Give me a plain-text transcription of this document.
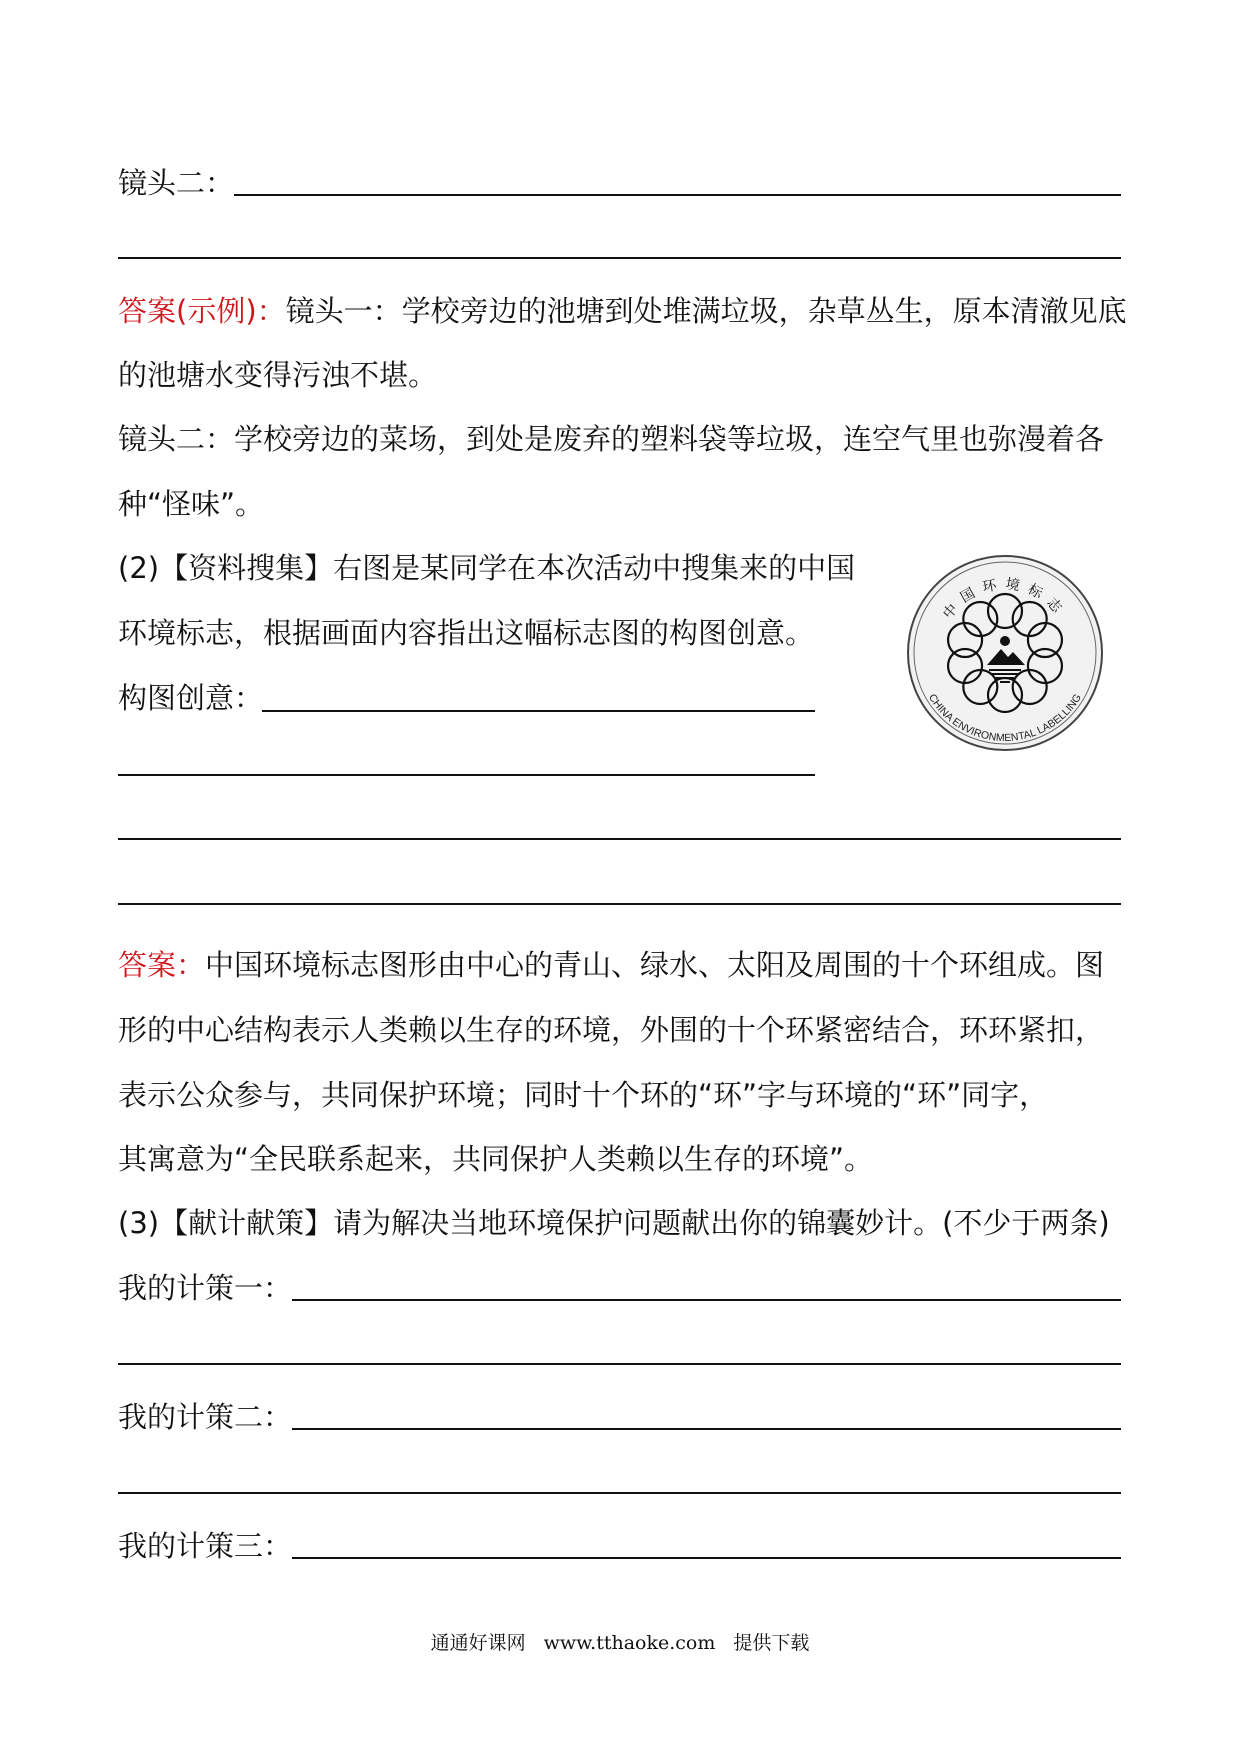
镜头二：
答案(示例)：镜头一：学校旁边的池塘到处堆满垃圾，杂草丛生，原本清澈见底
的池塘水变得污浊不堪。
镜头二：学校旁边的菜场，到处是废弃的塑料袋等垃圾，连空气里也弥漫着各
种“怪味”。
(2)【资料搜集】右图是某同学在本次活动中搜集来的中国
环境标志，根据画面内容指出这幅标志图的构图创意。
构图创意：
中国环境标志
CHINA ENVIRONMENTAL LABELLING
答案：中国环境标志图形由中心的青山、绿水、太阳及周围的十个环组成。图
形的中心结构表示人类赖以生存的环境，外围的十个环紧密结合，环环紧扣，
表示公众参与，共同保护环境；同时十个环的“环”字与环境的“环”同字，
其寓意为“全民联系起来，共同保护人类赖以生存的环境”。
(3)【献计献策】请为解决当地环境保护问题献出你的锦囊妙计。(不少于两条)
我的计策一：
我的计策二：
我的计策三：
通通好课网 www.tthaoke.com 提供下载
